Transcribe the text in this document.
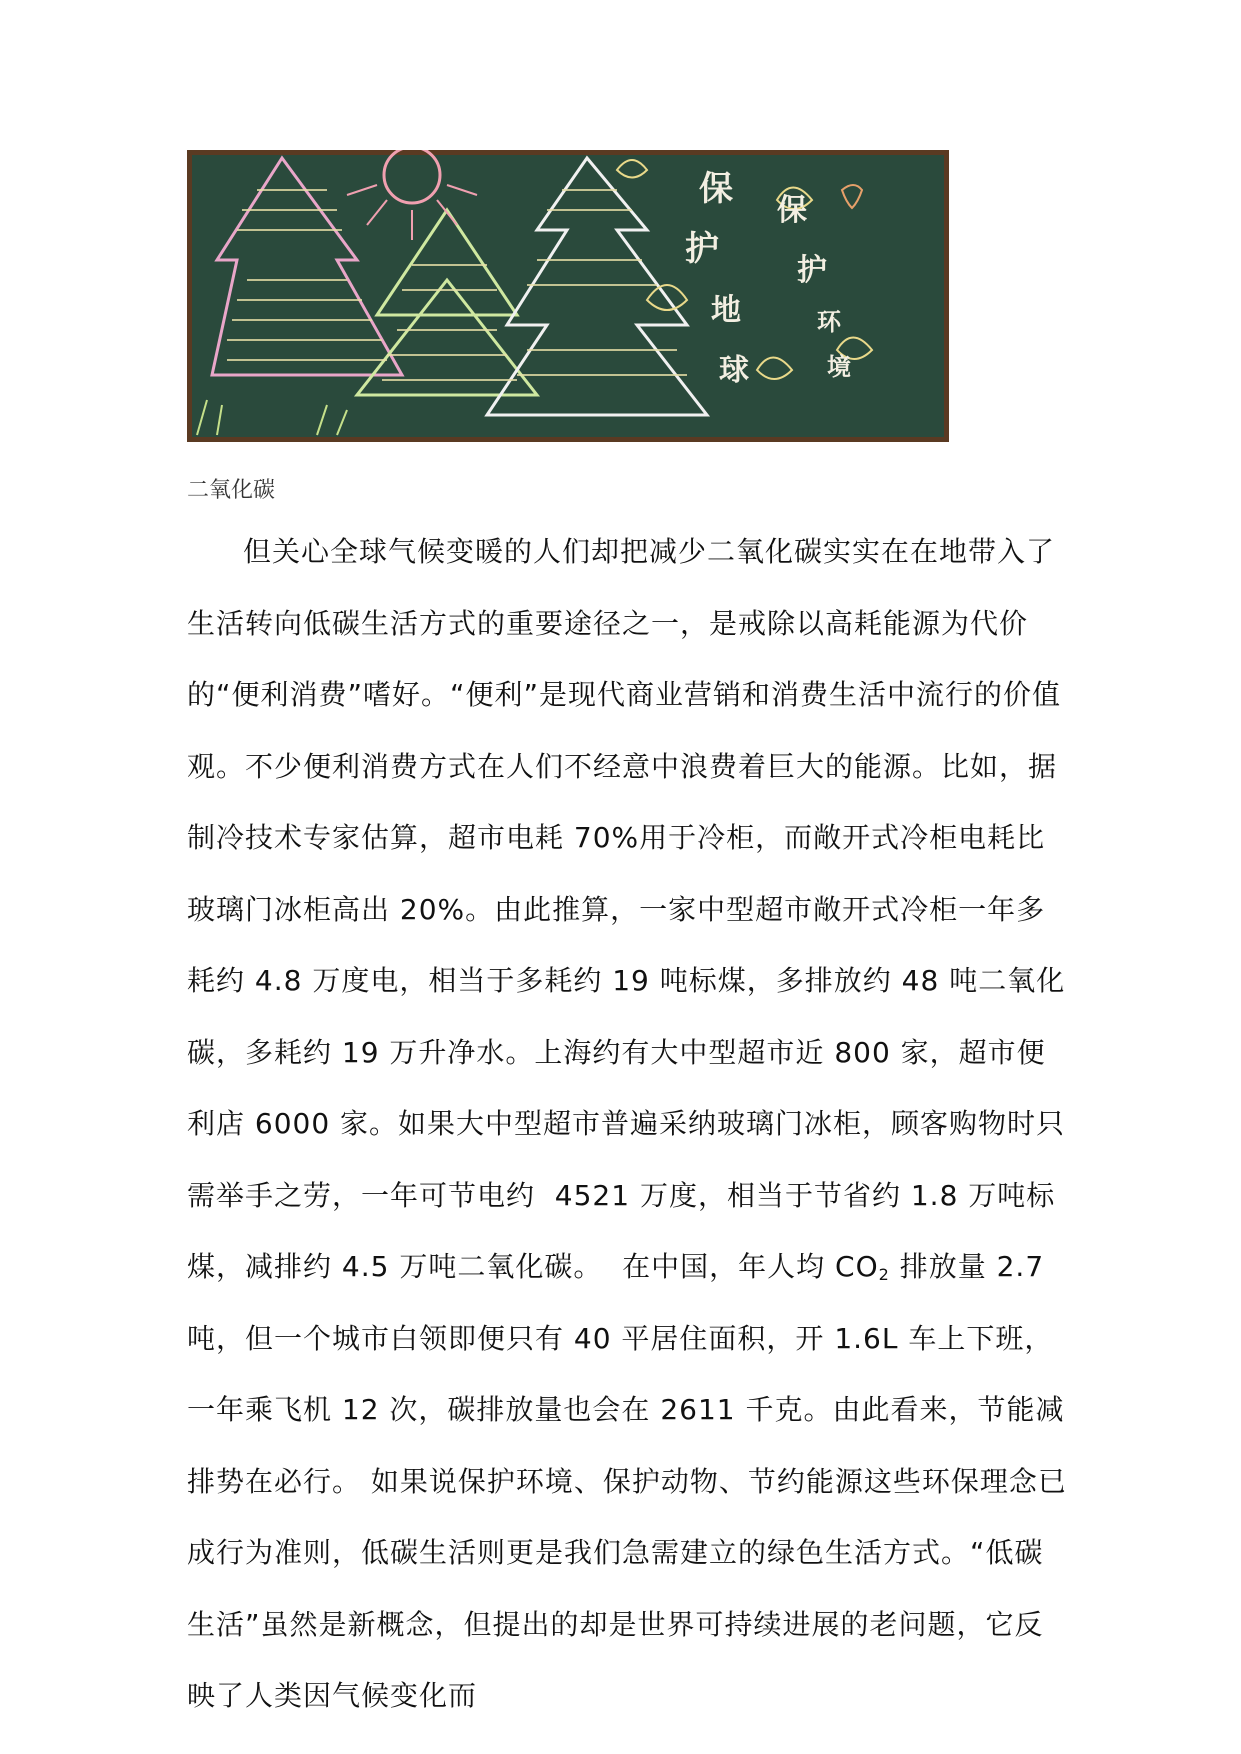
保
护
地
球
保
护
环
境
二氧化碳

但关心全球气候变暖的人们却把减少二氧化碳实实在在地带入了生活转向低碳生活方式的重要途径之一，是戒除以高耗能源为代价的“便利消费”嗜好。“便利”是现代商业营销和消费生活中流行的价值观。不少便利消费方式在人们不经意中浪费着巨大的能源。比如，据制冷技术专家估算，超市电耗 70%用于冷柜，而敞开式冷柜电耗比玻璃门冰柜高出 20%。由此推算，一家中型超市敞开式冷柜一年多耗约 4.8 万度电，相当于多耗约 19 吨标煤，多排放约 48 吨二氧化碳，多耗约 19 万升净水。上海约有大中型超市近 800 家，超市便利店 6000 家。如果大中型超市普遍采纳玻璃门冰柜，顾客购物时只需举手之劳，一年可节电约  4521 万度，相当于节省约 1.8 万吨标煤，减排约 4.5 万吨二氧化碳。  在中国，年人均 $CO_2$ 排放量 2.7 吨，但一个城市白领即便只有 40 平居住面积，开 1.6L 车上下班，一年乘飞机 12 次，碳排放量也会在 2611 千克。由此看来，节能减排势在必行。 如果说保护环境、保护动物、节约能源这些环保理念已成行为准则，低碳生活则更是我们急需建立的绿色生活方式。“低碳生活”虽然是新概念，但提出的却是世界可持续进展的老问题，它反映了人类因气候变化而
